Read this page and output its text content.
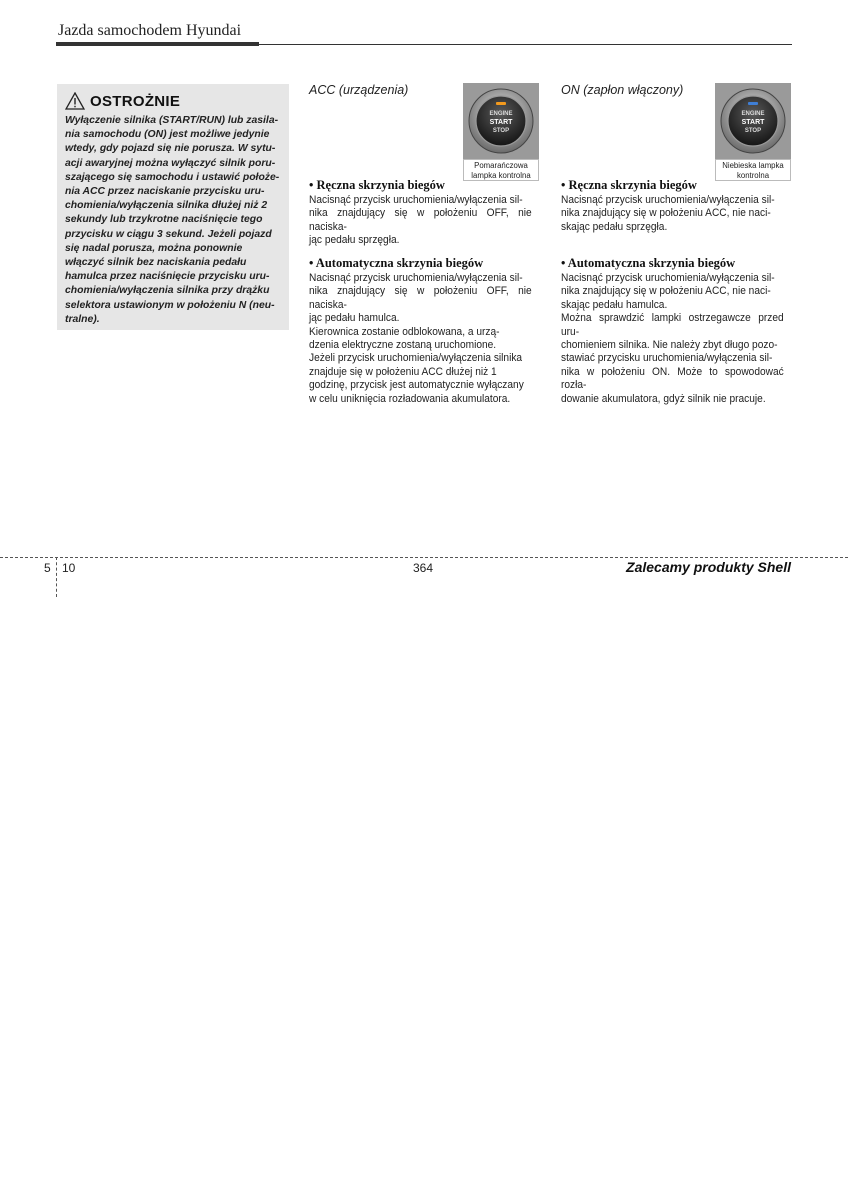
Jazda samochodem Hyundai
OSTROŻNIE
Wyłączenie silnika (START/RUN) lub zasila-
nia samochodu (ON) jest możliwe jedynie
wtedy, gdy pojazd się nie porusza. W sytu-
acji awaryjnej można wyłączyć silnik poru-
szającego się samochodu i ustawić położe-
nia ACC przez naciskanie przycisku uru-
chomienia/wyłączenia silnika dłużej niż 2
sekundy lub trzykrotne naciśnięcie tego
przycisku w ciągu 3 sekund. Jeżeli pojazd
się nadal porusza, można ponownie
włączyć silnik bez naciskania pedału
hamulca przez naciśnięcie przycisku uru-
chomienia/wyłączenia silnika przy drążku
selektora ustawionym w położeniu N (neu-
tralne).
ACC (urządzenia)
ENGINE
START
STOP
Pomarańczowa
lampka kontrolna
• Ręczna skrzynia biegów
Nacisnąć przycisk uruchomienia/wyłączenia sil-
nika znajdujący się w położeniu OFF, nie naciska-
jąc pedału sprzęgła.
• Automatyczna skrzynia biegów
Nacisnąć przycisk uruchomienia/wyłączenia sil-
nika znajdujący się w położeniu OFF, nie naciska-
jąc pedału hamulca.
Kierownica zostanie odblokowana, a urzą-
dzenia elektryczne zostaną uruchomione.
Jeżeli przycisk uruchomienia/wyłączenia silnika
znajduje się w położeniu ACC dłużej niż 1
godzinę, przycisk jest automatycznie wyłączany
w celu uniknięcia rozładowania akumulatora.
ON (zapłon włączony)
ENGINE
START
STOP
Niebieska lampka
kontrolna
• Ręczna skrzynia biegów
Nacisnąć przycisk uruchomienia/wyłączenia sil-
nika znajdujący się w położeniu ACC, nie naci-
skając pedału sprzęgła.
• Automatyczna skrzynia biegów
Nacisnąć przycisk uruchomienia/wyłączenia sil-
nika znajdujący się w położeniu ACC, nie naci-
skając pedału hamulca.
Można sprawdzić lampki ostrzegawcze przed uru-
chomieniem silnika. Nie należy zbyt długo pozo-
stawiać przycisku uruchomienia/wyłączenia sil-
nika w położeniu ON. Może to spowodować rozła-
dowanie akumulatora, gdyż silnik nie pracuje.
5 10	364	Zalecamy produkty Shell
